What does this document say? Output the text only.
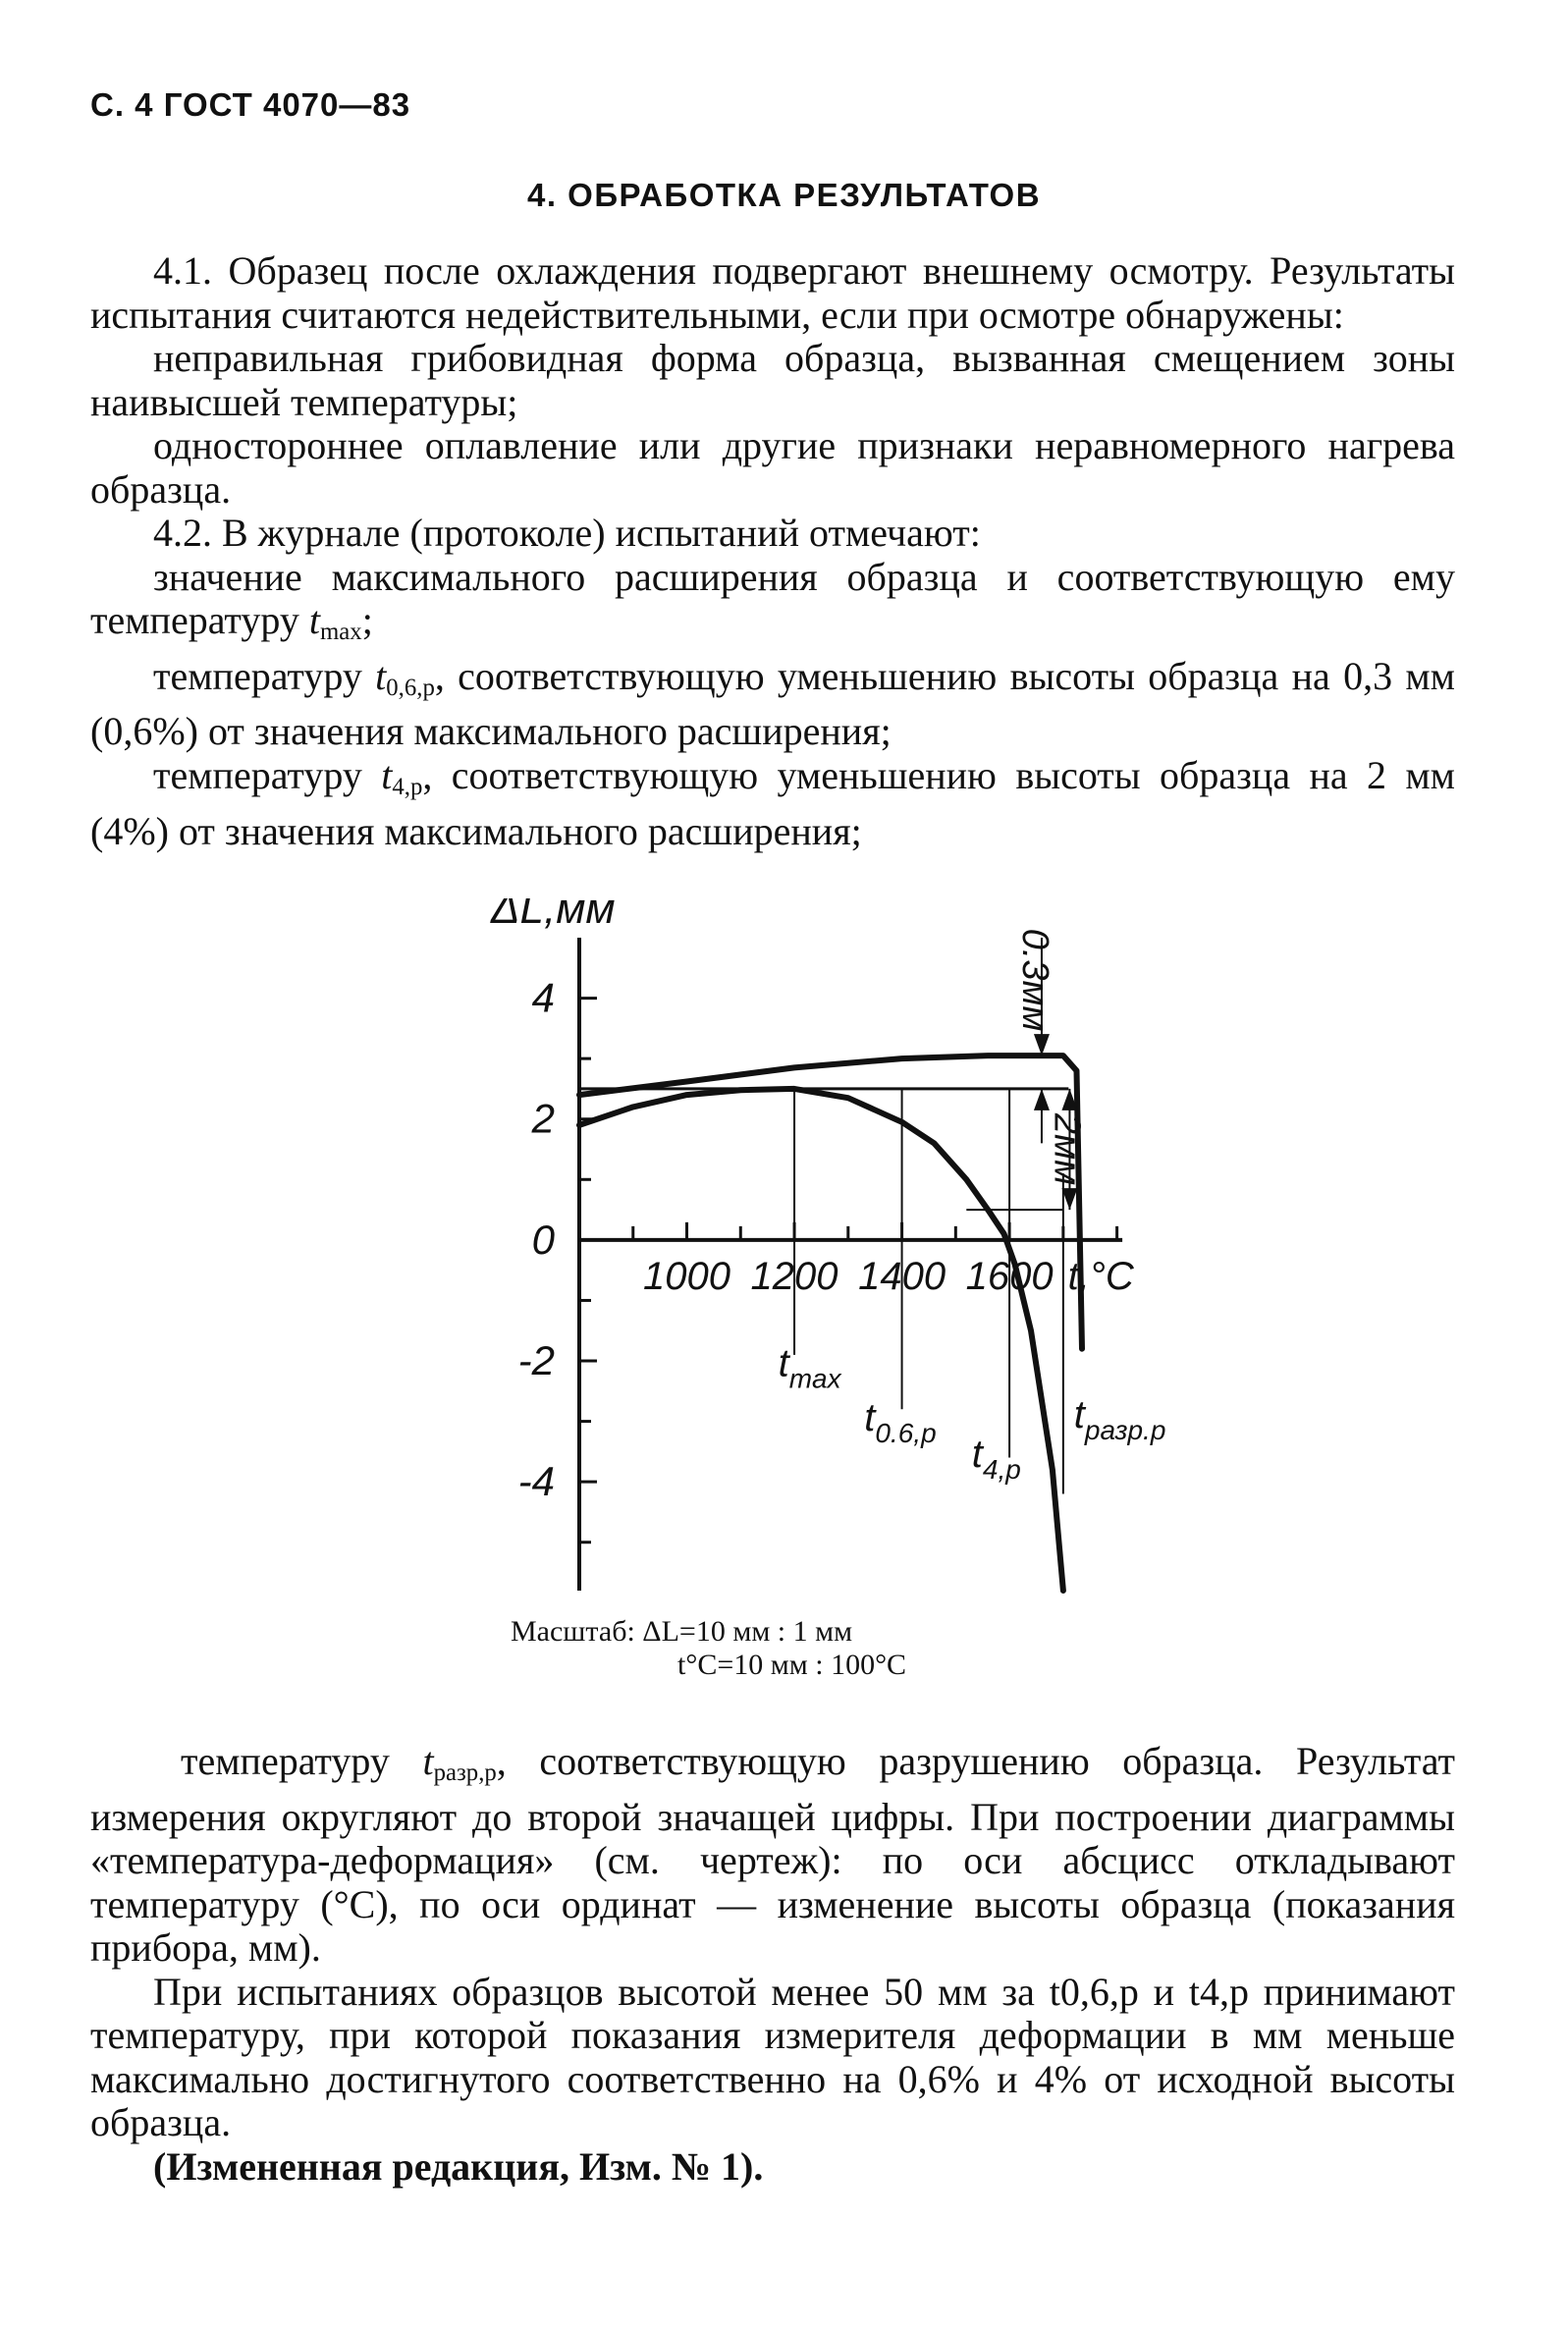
С. 4 ГОСТ 4070—83
4. ОБРАБОТКА РЕЗУЛЬТАТОВ

4.1. Образец после охлаждения подвергают внешнему осмотру. Результаты испытания считаются недействительными, если при осмотре обнаружены:

неправильная грибовидная форма образца, вызванная смещением зоны наивысшей температуры;

одностороннее оплавление или другие признаки неравномерного нагрева образца.

4.2. В журнале (протоколе) испытаний отмечают:

значение максимального расширения образца и соответствующую ему температуру $t_{max}$;

температуру $t_{0,6,р}$, соответствующую уменьшению высоты образца на 0,3 мм (0,6%) от значения максимального расширения;

температуру $t_{4,р}$, соответствующую уменьшению высоты образца на 2 мм (4%) от значения максимального расширения;

4
2
0
-2
-4
1000 1200 1400 1600
ΔL,мм
t,°C
0.3мм
2мм
$t_{max}$
$t_{0.6,р}$ $t_{4,р}$
$t_{разр.р}$
Масштаб: ΔL=10 мм : 1 мм
t°C=10 мм : 100°C

температуру $t_{разр,р}$, соответствующую разрушению образца. Результат измерения округляют до второй значащей цифры. При построении диаграммы «температура-деформация» (см. чертеж): по оси абсцисс откладывают температуру (°C), по оси ординат — изменение высоты образца (показания прибора, мм).

При испытаниях образцов высотой менее 50 мм за t0,6,р и t4,р принимают температуру, при которой показания измерителя деформации в мм меньше максимально достигнутого соответственно на 0,6% и 4% от исходной высоты образца.

(Измененная редакция, Изм. № 1).
